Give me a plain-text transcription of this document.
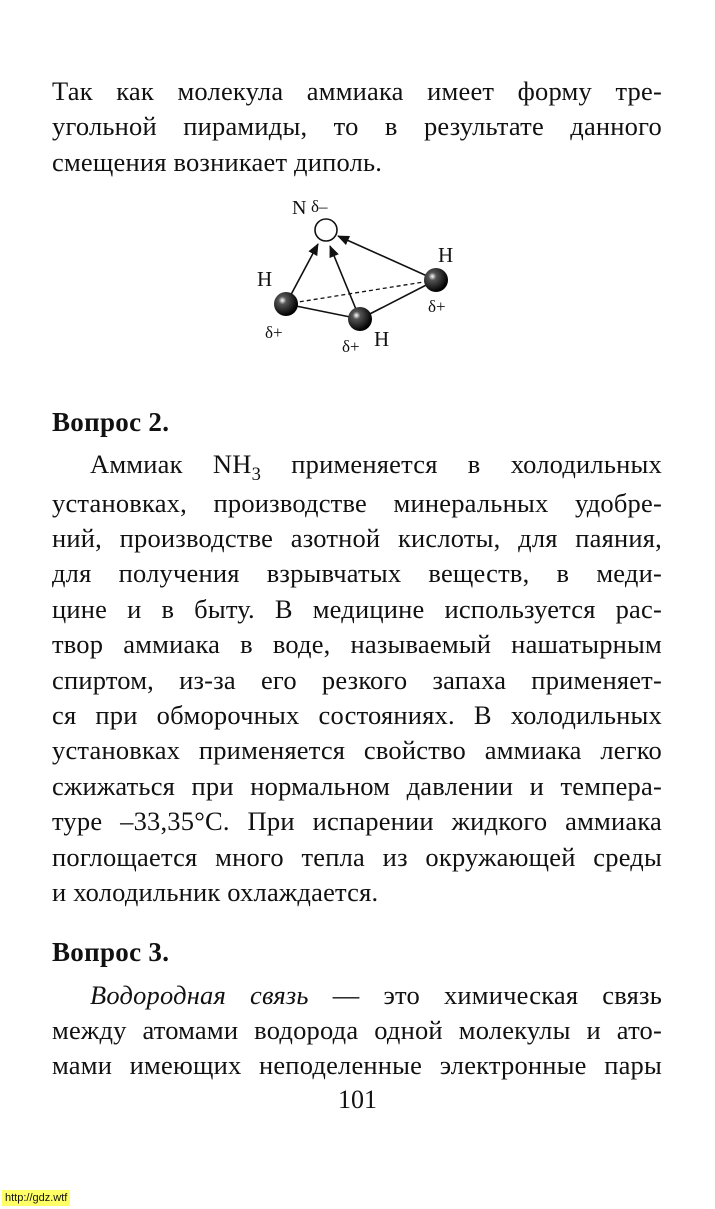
Так как молекула аммиака имеет форму тре-
угольной пирамиды, то в результате данного
смещения возникает диполь.

Вопрос 2.

Аммиак $NH_3$ применяется в холодильных
установках, производстве минеральных удобре-
ний, производстве азотной кислоты, для паяния,
для получения взрывчатых веществ, в меди-
цине и в быту. В медицине используется рас-
твор аммиака в воде, называемый нашатырным
спиртом, из-за его резкого запаха применяет-
ся при обморочных состояниях. В холодильных
установках применяется свойство аммиака легко
сжижаться при нормальном давлении и темпера-
туре –33,35°С. При испарении жидкого аммиака
поглощается много тепла из окружающей среды
и холодильник охлаждается.

Вопрос 3.

Водородная связь — это химическая связь
между атомами водорода одной молекулы и ато-
мами имеющих неподеленные электронные пары

N δ–
H
δ+
H
δ+
δ+ H
101
http://gdz.wtf
